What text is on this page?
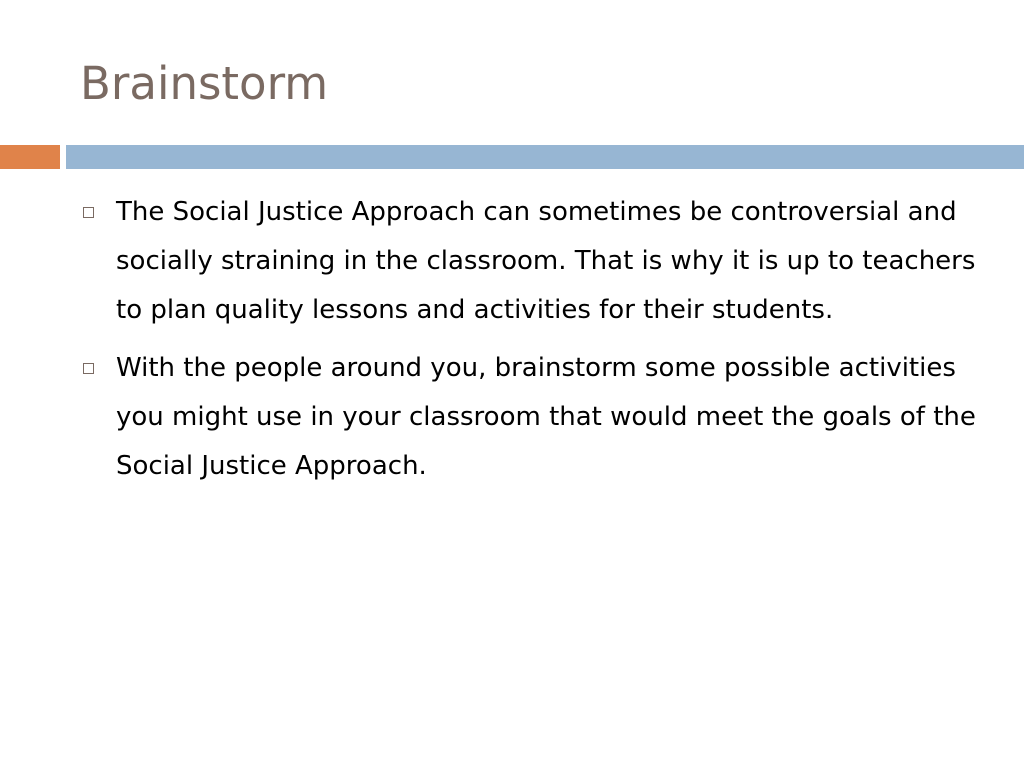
Brainstorm
The Social Justice Approach can sometimes be controversial and socially straining in the classroom. That is why it is up to teachers to plan quality lessons and activities for their students.
With the people around you, brainstorm some possible activities you might use in your classroom that would meet the goals of the Social Justice Approach.
